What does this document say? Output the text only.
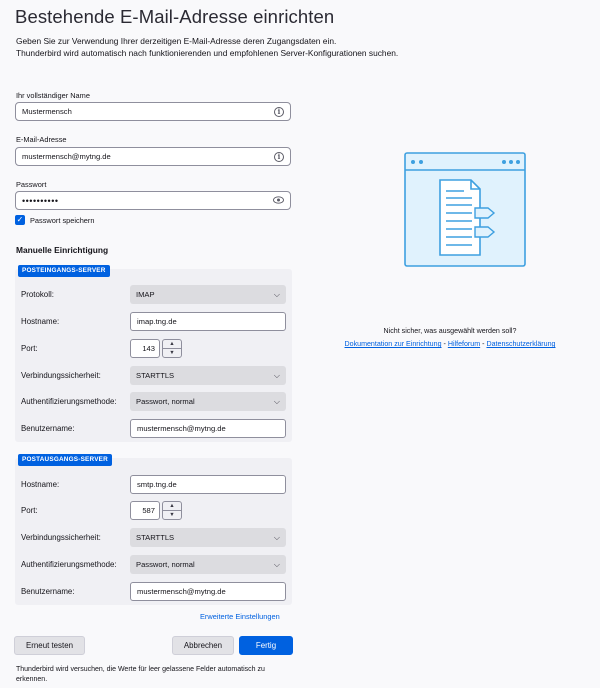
Bestehende E-Mail-Adresse einrichten
Geben Sie zur Verwendung Ihrer derzeitigen E-Mail-Adresse deren Zugangsdaten ein.
Thunderbird wird automatisch nach funktionierenden und empfohlenen Server-Konfigurationen suchen.
Ihr vollständiger Name
Mustermensch	i
E-Mail-Adresse
mustermensch@mytng.de	i
Passwort
••••••••••
✓ Passwort speichern
Manuelle Einrichtigung
POSTEINGANGS-SERVER
Protokoll:	IMAP	⌵
Hostname:	imap.tng.de
Port:	143	▲
▼
Verbindungssicherheit:	STARTTLS	⌵
Authentifizierungsmethode:	Passwort, normal	⌵
Benutzername:	mustermensch@mytng.de
POSTAUSGANGS-SERVER
Hostname:	smtp.tng.de
Port:	587	▲
▼
Verbindungssicherheit:	STARTTLS	⌵
Authentifizierungsmethode:	Passwort, normal	⌵
Benutzername:	mustermensch@mytng.de
Erweiterte Einstellungen
Erneut testen	Abbrechen	Fertig
Thunderbird wird versuchen, die Werte für leer gelassene Felder automatisch zu erkennen.
Nicht sicher, was ausgewählt werden soll?
Dokumentation zur Einrichtung - Hilfeforum - Datenschutzerklärung
